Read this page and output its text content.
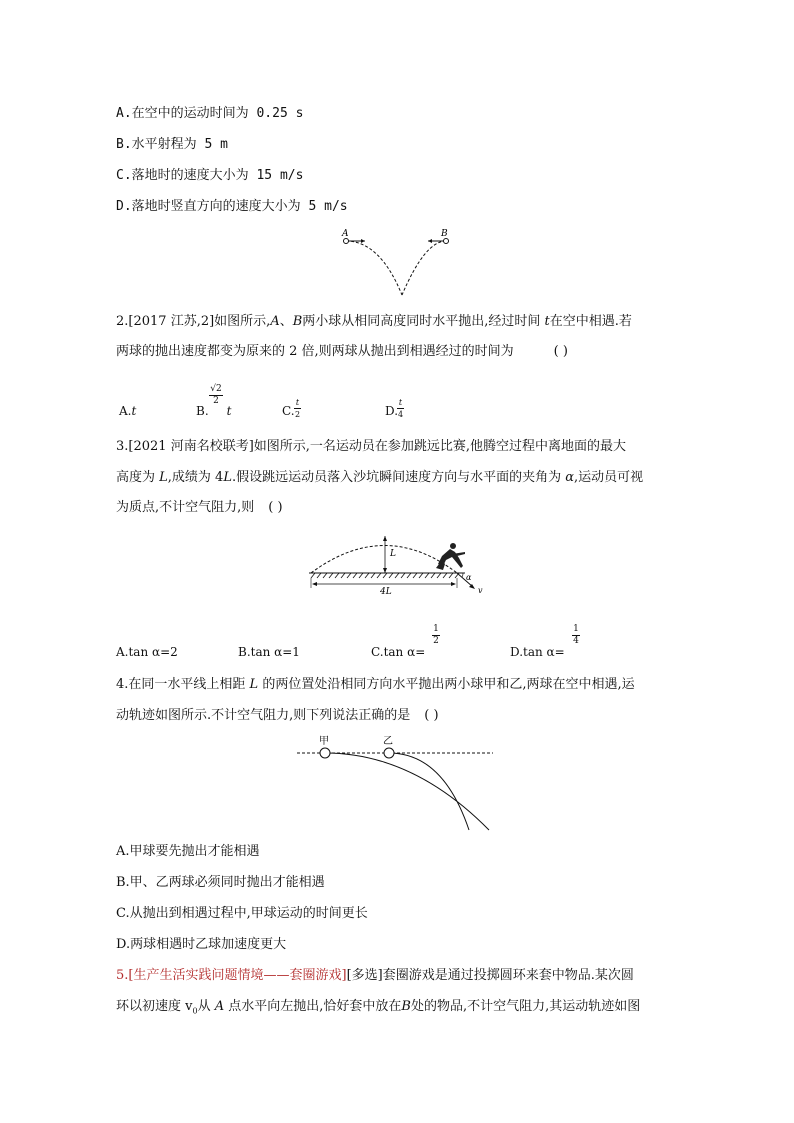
A.在空中的运动时间为 0.25 s
B.水平射程为 5 m
C.落地时的速度大小为 15 m/s
D.落地时竖直方向的速度大小为 5 m/s
A	B
2.[2017 江苏,2]如图所示,A、B两小球从相同高度同时水平抛出,经过时间 t在空中相遇.若
两球的抛出速度都变为原来的 2 倍,则两球从抛出到相遇经过的时间为	( )
A.t	B. t
√2
2
C.
t
2	D.
t
4
3.[2021 河南名校联考]如图所示,一名运动员在参加跳远比赛,他腾空过程中离地面的最大
高度为 L,成绩为 4L.假设跳远运动员落入沙坑瞬间速度方向与水平面的夹角为 α,运动员可视
为质点,不计空气阻力,则 ( )
L
4L
α
v
A.tan α=2	B.tan α=1	C.tan α=
1
2
D.tan α=
1
4
4.在同一水平线上相距 L 的两位置处沿相同方向水平抛出两小球甲和乙,两球在空中相遇,运
动轨迹如图所示.不计空气阻力,则下列说法正确的是 ( )
甲	乙
A.甲球要先抛出才能相遇
B.甲、乙两球必须同时抛出才能相遇
C.从抛出到相遇过程中,甲球运动的时间更长
D.两球相遇时乙球加速度更大
5.[生产生活实践问题情境——套圈游戏][多选]套圈游戏是通过投掷圆环来套中物品.某次圆
环以初速度 $v_0$从 A 点水平向左抛出,恰好套中放在B处的物品,不计空气阻力,其运动轨迹如图
